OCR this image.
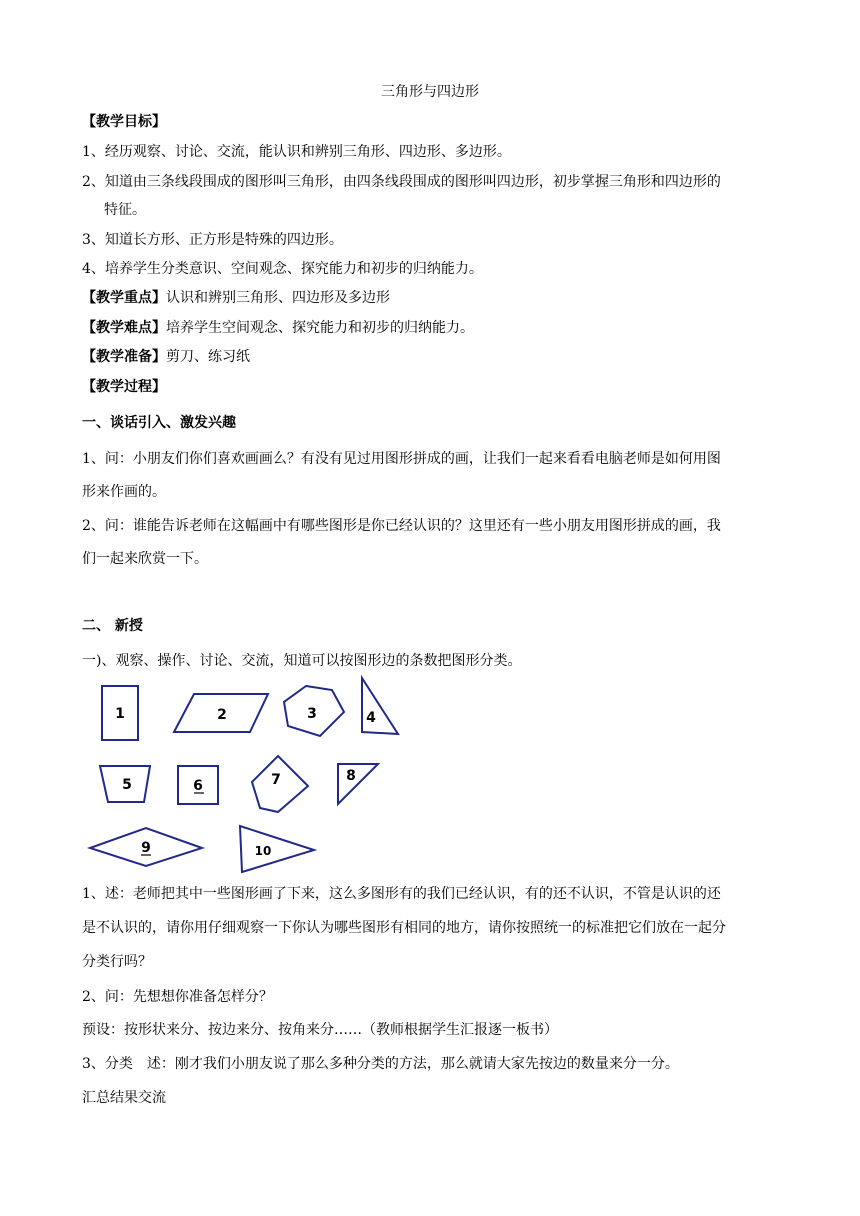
三角形与四边形
【教学目标】
1、经历观察、讨论、交流，能认识和辨别三角形、四边形、多边形。
2、知道由三条线段围成的图形叫三角形，由四条线段围成的图形叫四边形，初步掌握三角形和四边形的
特征。
3、知道长方形、正方形是特殊的四边形。
4、培养学生分类意识、空间观念、探究能力和初步的归纳能力。
【教学重点】认识和辨别三角形、四边形及多边形
【教学难点】培养学生空间观念、探究能力和初步的归纳能力。
【教学准备】剪刀、练习纸
【教学过程】
一、谈话引入、激发兴趣
1、问：小朋友们你们喜欢画画么？有没有见过用图形拼成的画，让我们一起来看看电脑老师是如何用图
形来作画的。
2、问：谁能告诉老师在这幅画中有哪些图形是你已经认识的？这里还有一些小朋友用图形拼成的画，我
们一起来欣赏一下。
二、 新授
一)、观察、操作、讨论、交流，知道可以按图形边的条数把图形分类。
1	2	3	4
5	6	7	8
9	10
1、述：老师把其中一些图形画了下来，这么多图形有的我们已经认识，有的还不认识，不管是认识的还
是不认识的，请你用仔细观察一下你认为哪些图形有相同的地方，请你按照统一的标准把它们放在一起分
分类行吗？
2、问：先想想你准备怎样分？
预设：按形状来分、按边来分、按角来分……（教师根据学生汇报逐一板书）
3、分类　述：刚才我们小朋友说了那么多种分类的方法，那么就请大家先按边的数量来分一分。
汇总结果交流
